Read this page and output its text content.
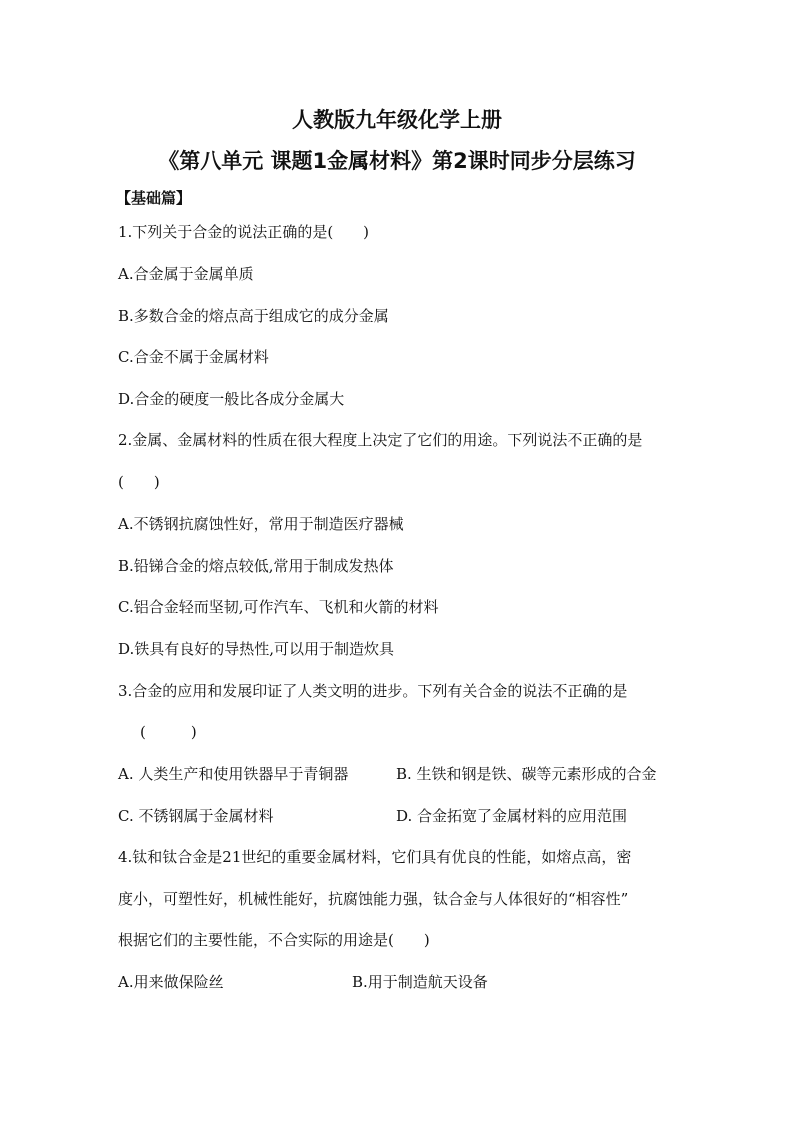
人教版九年级化学上册
《第八单元 课题1金属材料》第2课时同步分层练习
【基础篇】
1.下列关于合金的说法正确的是(　　)
A.合金属于金属单质
B.多数合金的熔点高于组成它的成分金属
C.合金不属于金属材料
D.合金的硬度一般比各成分金属大
2.金属、金属材料的性质在很大程度上决定了它们的用途。下列说法不正确的是
(　　)
A.不锈钢抗腐蚀性好，常用于制造医疗器械
B.铅锑合金的熔点较低,常用于制成发热体
C.铝合金轻而坚韧,可作汽车、飞机和火箭的材料
D.铁具有良好的导热性,可以用于制造炊具
3.合金的应用和发展印证了人类文明的进步。下列有关合金的说法不正确的是
(　　　)
A. 人类生产和使用铁器早于青铜器	B. 生铁和钢是铁、碳等元素形成的合金
C. 不锈钢属于金属材料	D. 合金拓宽了金属材料的应用范围
4.钛和钛合金是21世纪的重要金属材料，它们具有优良的性能，如熔点高，密
度小，可塑性好，机械性能好，抗腐蚀能力强，钛合金与人体很好的“相容性”
根据它们的主要性能，不合实际的用途是(　　)
A.用来做保险丝	B.用于制造航天设备
